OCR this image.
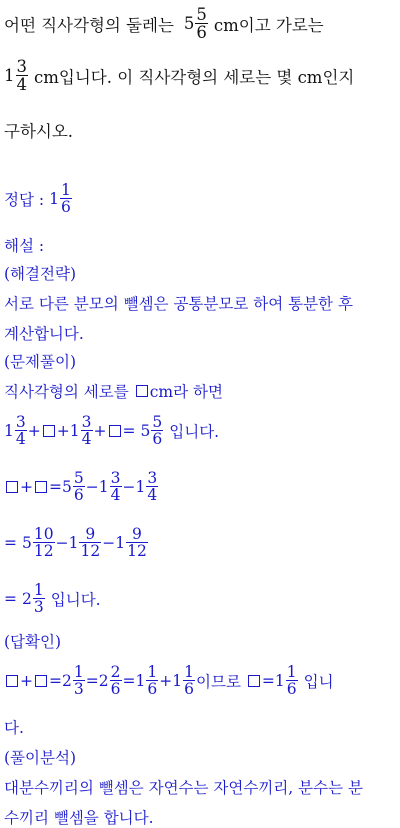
어떤 직사각형의 둘레는 $5 \frac{5}{6}$ cm이고 가로는
$1 \frac{3}{4}$ cm입니다. 이 직사각형의 세로는 몇 cm인지
구하시오.
정답 : $1 \frac{1}{6}$
해설 :
(해결전략)
서로 다른 분모의 뺄셈은 공통분모로 하여 통분한 후
계산합니다.
(문제풀이)
직사각형의 세로를 cm라 하면
$1 \frac{3}{4}$ + + $1 \frac{3}{4}$ + = $5 \frac{5}{6}$ 입니다.
+ = $5 \frac{5}{6} - 1 \frac{3}{4} - 1 \frac{3}{4}$
= $5 \frac{10}{12} - 1 \frac{9}{12} - 1 \frac{9}{12}$
= $2 \frac{1}{3}$ 입니다.
(답확인)
+ = $2 \frac{1}{3} = 2 \frac{2}{6} = 1 \frac{1}{6} + 1 \frac{1}{6}$ 이므로 = $1 \frac{1}{6}$ 입니
다.
(풀이분석)
대분수끼리의 뺄셈은 자연수는 자연수끼리, 분수는 분
수끼리 뺄셈을 합니다.
